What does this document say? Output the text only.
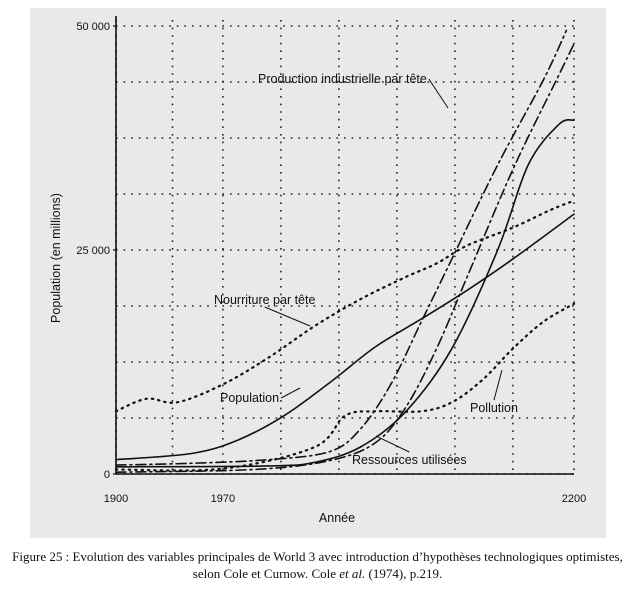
0
25 000
50 000
1900	1970	2200
Production industrielle par tête
Nourriture par tête
Population
Pollution
Ressources utilisées
Année
Population (en millions)
Figure 25 : Evolution des variables principales de World 3 avec introduction d’hypothèses technologiques optimistes, selon Cole et Curnow. Cole et al. (1974), p.219.
